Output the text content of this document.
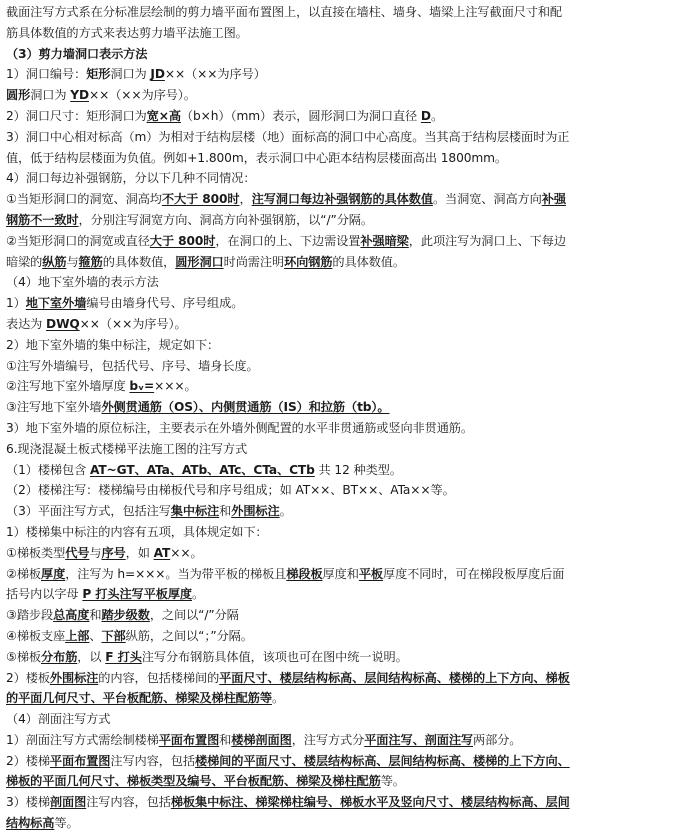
截面注写方式系在分标准层绘制的剪力墙平面布置图上，以直接在墙柱、墙身、墙梁上注写截面尺寸和配

筋具体数值的方式来表达剪力墙平法施工图。

（3）剪力墙洞口表示方法

1）洞口编号：矩形洞口为 JD××（××为序号）

圆形洞口为 YD××（××为序号）。

2）洞口尺寸：矩形洞口为宽×高（b×h）（mm）表示，圆形洞口为洞口直径 D。

3）洞口中心相对标高（m）为相对于结构层楼（地）面标高的洞口中心高度。当其高于结构层楼面时为正

值，低于结构层楼面为负值。例如+1.800m，表示洞口中心距本结构层楼面高出 1800mm。

4）洞口每边补强钢筋，分以下几种不同情况：

①当矩形洞口的洞宽、洞高均不大于 800时，注写洞口每边补强钢筋的具体数值。当洞宽、洞高方向补强

钢筋不一致时，分别注写洞宽方向、洞高方向补强钢筋，以“/”分隔。

②当矩形洞口的洞宽或直径大于 800时，在洞口的上、下边需设置补强暗梁，此项注写为洞口上、下每边

暗梁的纵筋与箍筋的具体数值，圆形洞口时尚需注明环向钢筋的具体数值。

（4）地下室外墙的表示方法

1）地下室外墙编号由墙身代号、序号组成。

表达为 DWQ××（××为序号）。

2）地下室外墙的集中标注，规定如下：

①注写外墙编号，包括代号、序号、墙身长度。

②注写地下室外墙厚度 bᵥ=×××。

③注写地下室外墙外侧贯通筋（OS）、内侧贯通筋（IS）和拉筋（tb）。

3）地下室外墙的原位标注，主要表示在外墙外侧配置的水平非贯通筋或竖向非贯通筋。

6.现浇混凝土板式楼梯平法施工图的注写方式

（1）楼梯包含 AT~GT、ATa、ATb、ATc、CTa、CTb 共 12 种类型。

（2）楼梯注写：楼梯编号由梯板代号和序号组成；如 AT××、BT××、ATa××等。

（3）平面注写方式，包括注写集中标注和外围标注。

1）楼梯集中标注的内容有五项，具体规定如下：

①梯板类型代号与序号，如 AT××。

②梯板厚度，注写为 h=×××。当为带平板的梯板且梯段板厚度和平板厚度不同时，可在梯段板厚度后面

括号内以字母 P 打头注写平板厚度。

③踏步段总高度和踏步级数，之间以“/”分隔

④梯板支座上部、下部纵筋，之间以“；”分隔。

⑤梯板分布筋，以 F 打头注写分布钢筋具体值，该项也可在图中统一说明。

2）楼板外围标注的内容，包括楼梯间的平面尺寸、楼层结构标高、层间结构标高、楼梯的上下方向、梯板

的平面几何尺寸、平台板配筋、梯梁及梯柱配筋等。

（4）剖面注写方式

1）剖面注写方式需绘制楼梯平面布置图和楼梯剖面图，注写方式分平面注写、剖面注写两部分。

2）楼梯平面布置图注写内容，包括楼梯间的平面尺寸、楼层结构标高、层间结构标高、楼梯的上下方向、

梯板的平面几何尺寸、梯板类型及编号、平台板配筋、梯梁及梯柱配筋等。

3）楼梯剖面图注写内容，包括梯板集中标注、梯梁梯柱编号、梯板水平及竖向尺寸、楼层结构标高、层间

结构标高等。
